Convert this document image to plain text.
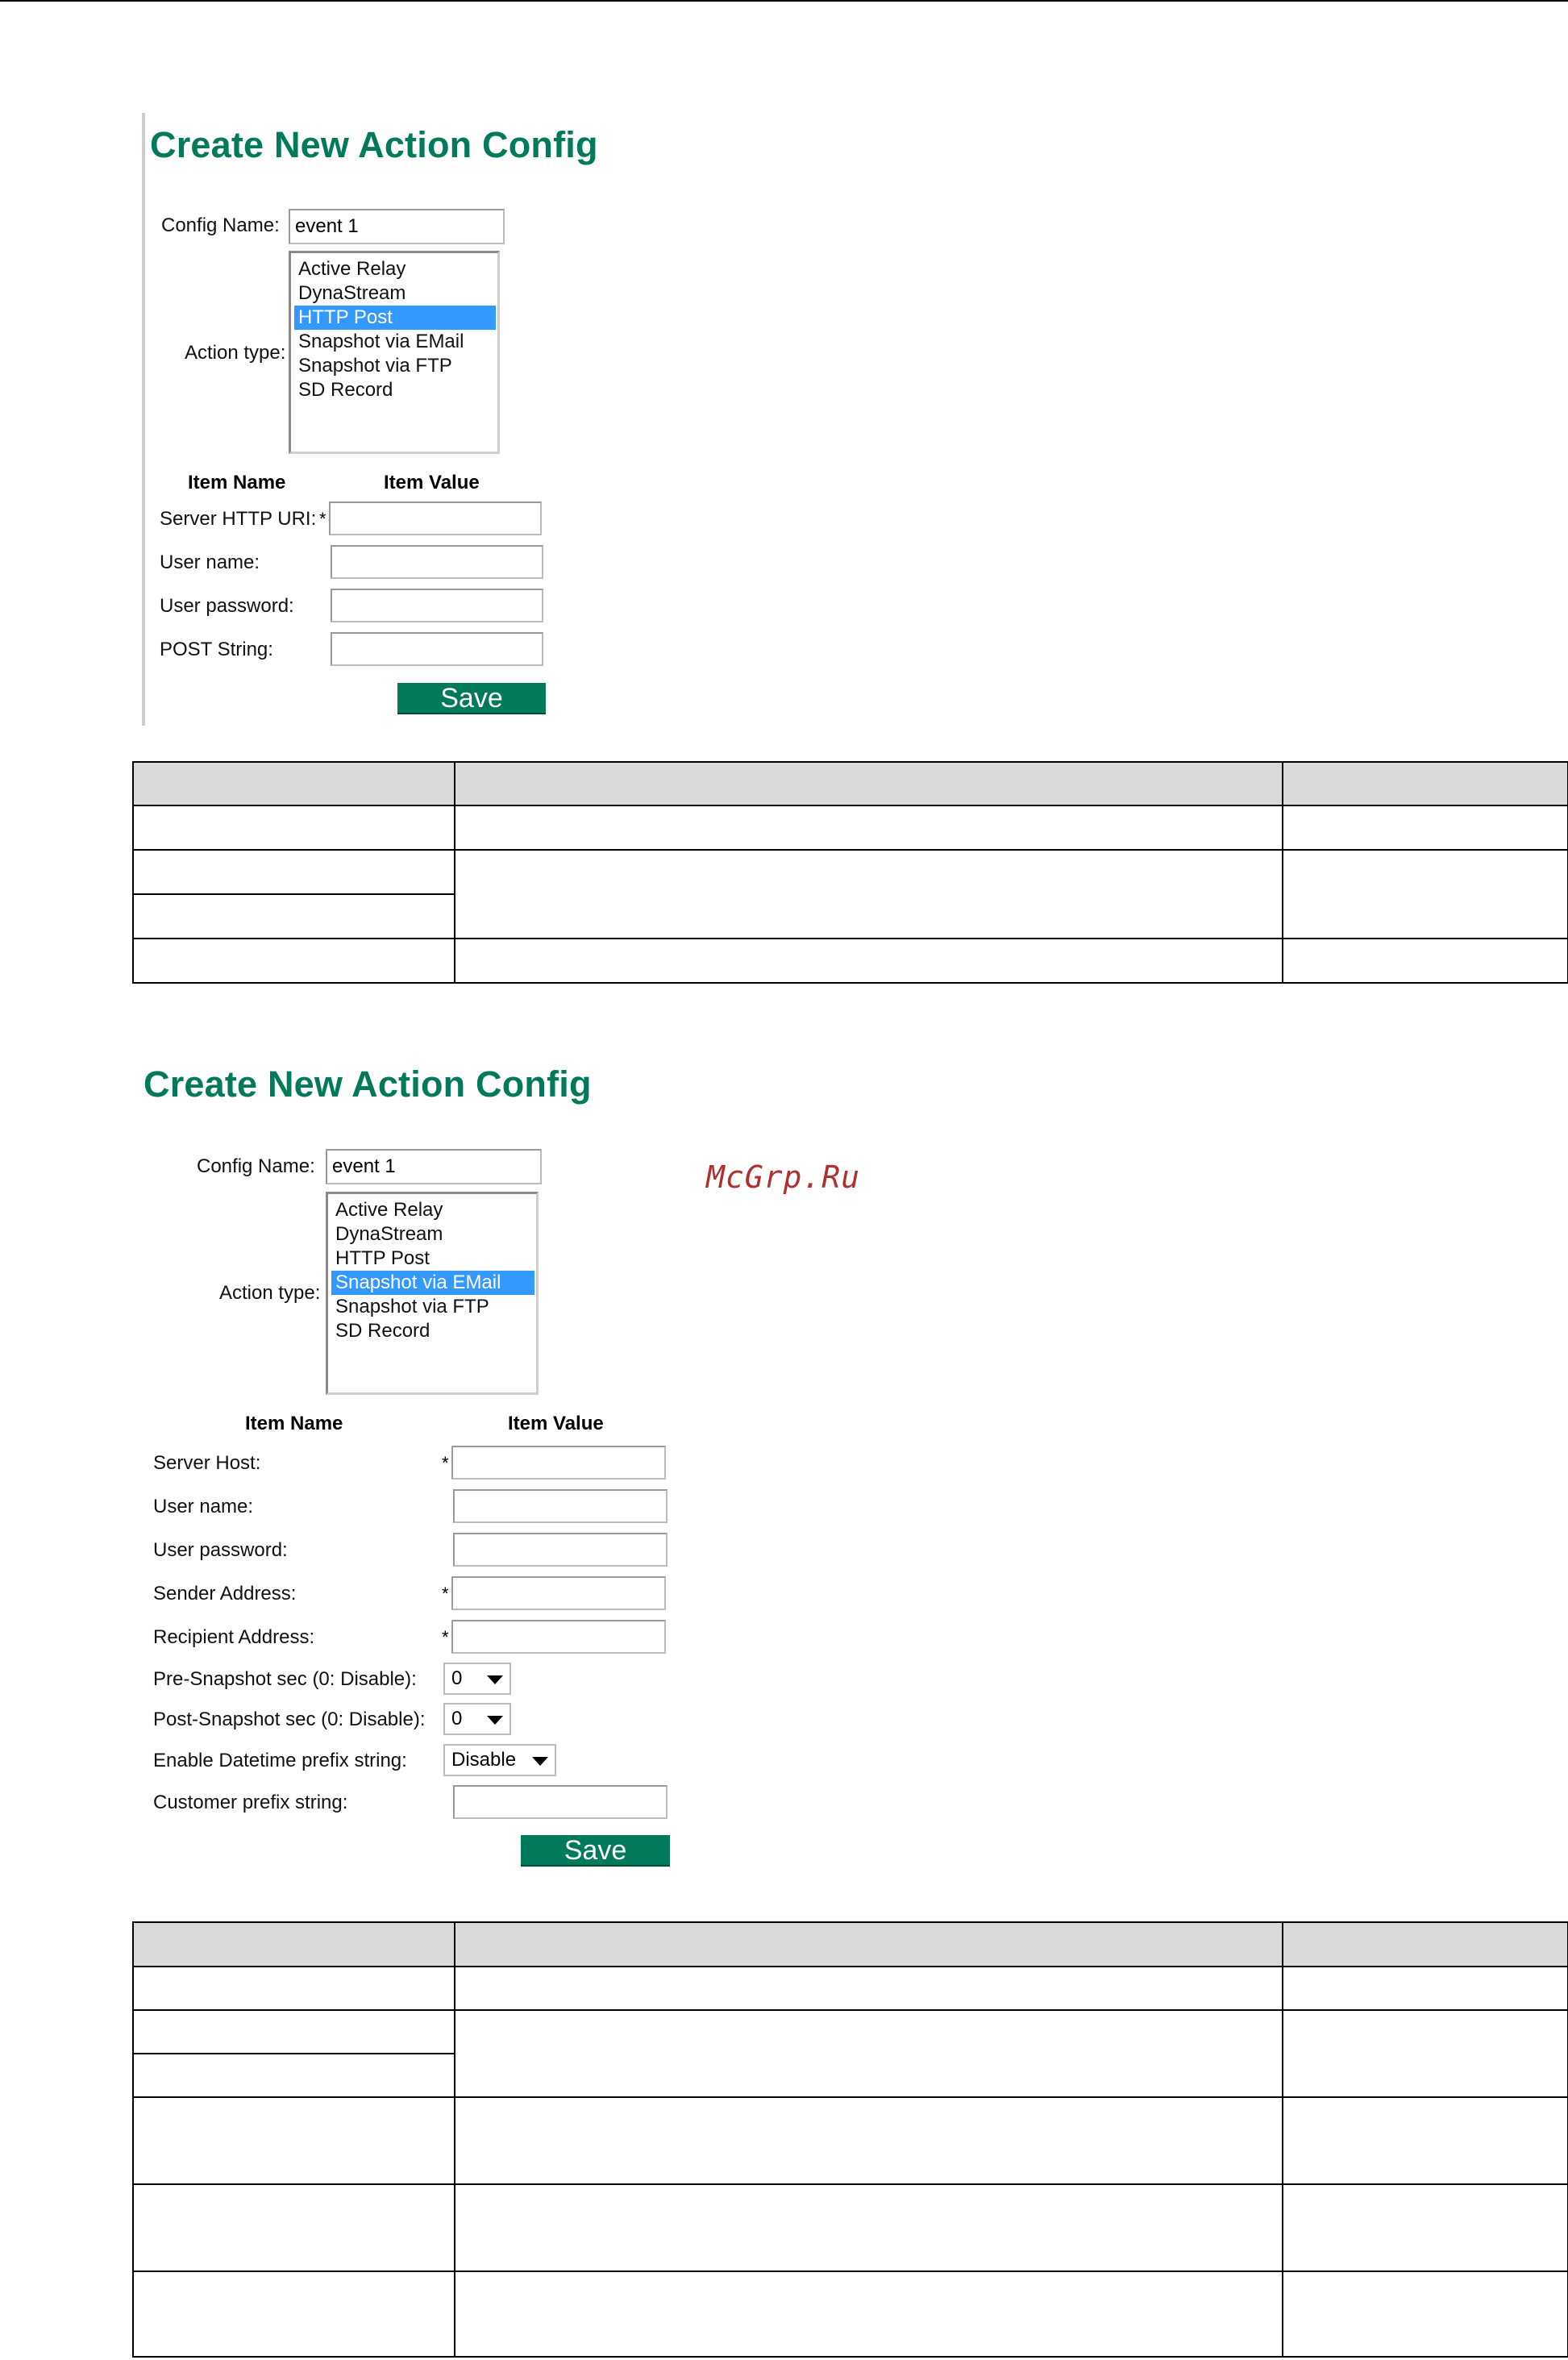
Create New Action Config
Config Name:
event 1
Action type:
Active Relay
DynaStream
HTTP Post
Snapshot via EMail
Snapshot via FTP
SD Record
Item Name	Item Value
Server HTTP URI: *
User name:
User password:
POST String:
Save

Create New Action Config
McGrp.Ru
Config Name:
event 1
Action type:
Active Relay
DynaStream
HTTP Post
Snapshot via EMail
Snapshot via FTP
SD Record
Item Name	Item Value
Server Host:	*
User name:
User password:
Sender Address:	*
Recipient Address:	*
Pre-Snapshot sec (0: Disable):	0
Post-Snapshot sec (0: Disable):	0
Enable Datetime prefix string:	Disable
Customer prefix string:
Save
